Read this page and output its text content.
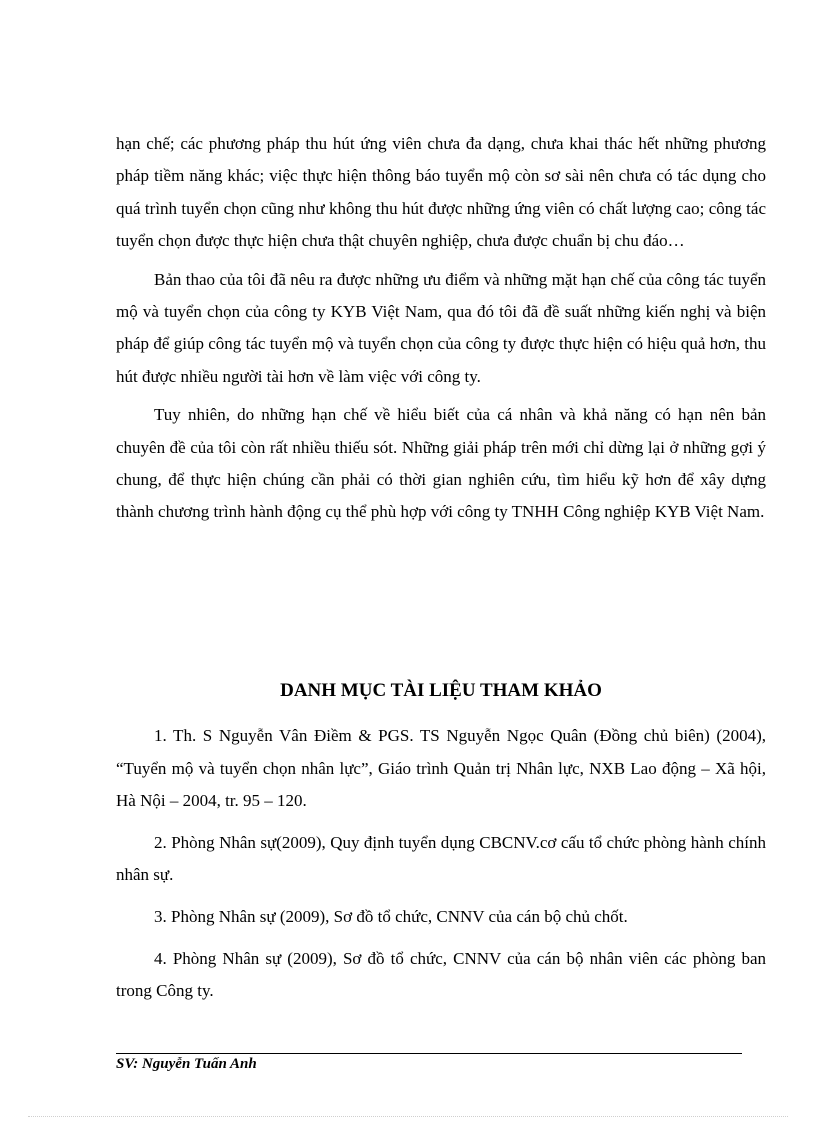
hạn chế; các phương pháp thu hút ứng viên chưa đa dạng, chưa khai thác hết những phương pháp tiềm năng khác; việc thực hiện thông báo tuyển mộ còn sơ sài nên chưa có tác dụng cho quá trình tuyển chọn cũng như không thu hút được những ứng viên có chất lượng cao; công tác tuyển chọn được thực hiện chưa thật chuyên nghiệp, chưa được chuẩn bị chu đáo…

Bản thao của tôi đã nêu ra được những ưu điểm và những mặt hạn chế của công tác tuyển mộ và tuyển chọn của công ty KYB Việt Nam, qua đó tôi đã đề suất những kiến nghị và biện pháp để giúp công tác tuyển mộ và tuyển chọn của công ty được thực hiện có hiệu quả hơn, thu hút được nhiều người tài hơn về làm việc với công ty.

Tuy nhiên, do những hạn chế về hiểu biết của cá nhân và khả năng có hạn nên bản chuyên đề của tôi còn rất nhiều thiếu sót. Những giải pháp trên mới chỉ dừng lại ở những gợi ý chung, để thực hiện chúng cần phải có thời gian nghiên cứu, tìm hiểu kỹ hơn để xây dựng thành chương trình hành động cụ thể phù hợp với công ty TNHH Công nghiệp KYB Việt Nam.

DANH MỤC TÀI LIỆU THAM KHẢO

1. Th. S Nguyễn Vân Điềm & PGS. TS Nguyễn Ngọc Quân (Đồng chủ biên) (2004), “Tuyển mộ và tuyển chọn nhân lực”, Giáo trình Quản trị Nhân lực, NXB Lao động – Xã hội, Hà Nội – 2004, tr. 95 – 120.

2. Phòng Nhân sự(2009), Quy định tuyển dụng CBCNV.cơ cấu tổ chức phòng hành chính nhân sự.

3. Phòng Nhân sự (2009), Sơ đồ tổ chức, CNNV của cán bộ chủ chốt.

4. Phòng Nhân sự (2009), Sơ đồ tổ chức, CNNV của cán bộ nhân viên các phòng ban trong Công ty.

SV: Nguyễn Tuấn Anh
